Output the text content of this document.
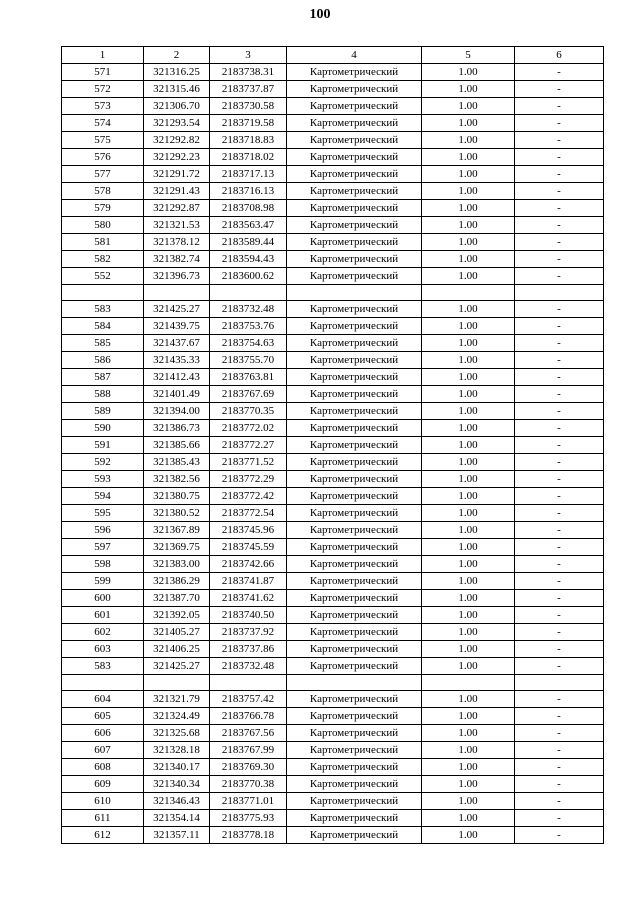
100
1	2	3	4	5	6
571	321316.25	2183738.31	Картометрический	1.00	-
572	321315.46	2183737.87	Картометрический	1.00	-
573	321306.70	2183730.58	Картометрический	1.00	-
574	321293.54	2183719.58	Картометрический	1.00	-
575	321292.82	2183718.83	Картометрический	1.00	-
576	321292.23	2183718.02	Картометрический	1.00	-
577	321291.72	2183717.13	Картометрический	1.00	-
578	321291.43	2183716.13	Картометрический	1.00	-
579	321292.87	2183708.98	Картометрический	1.00	-
580	321321.53	2183563.47	Картометрический	1.00	-
581	321378.12	2183589.44	Картометрический	1.00	-
582	321382.74	2183594.43	Картометрический	1.00	-
552	321396.73	2183600.62	Картометрический	1.00	-

583	321425.27	2183732.48	Картометрический	1.00	-
584	321439.75	2183753.76	Картометрический	1.00	-
585	321437.67	2183754.63	Картометрический	1.00	-
586	321435.33	2183755.70	Картометрический	1.00	-
587	321412.43	2183763.81	Картометрический	1.00	-
588	321401.49	2183767.69	Картометрический	1.00	-
589	321394.00	2183770.35	Картометрический	1.00	-
590	321386.73	2183772.02	Картометрический	1.00	-
591	321385.66	2183772.27	Картометрический	1.00	-
592	321385.43	2183771.52	Картометрический	1.00	-
593	321382.56	2183772.29	Картометрический	1.00	-
594	321380.75	2183772.42	Картометрический	1.00	-
595	321380.52	2183772.54	Картометрический	1.00	-
596	321367.89	2183745.96	Картометрический	1.00	-
597	321369.75	2183745.59	Картометрический	1.00	-
598	321383.00	2183742.66	Картометрический	1.00	-
599	321386.29	2183741.87	Картометрический	1.00	-
600	321387.70	2183741.62	Картометрический	1.00	-
601	321392.05	2183740.50	Картометрический	1.00	-
602	321405.27	2183737.92	Картометрический	1.00	-
603	321406.25	2183737.86	Картометрический	1.00	-
583	321425.27	2183732.48	Картометрический	1.00	-

604	321321.79	2183757.42	Картометрический	1.00	-
605	321324.49	2183766.78	Картометрический	1.00	-
606	321325.68	2183767.56	Картометрический	1.00	-
607	321328.18	2183767.99	Картометрический	1.00	-
608	321340.17	2183769.30	Картометрический	1.00	-
609	321340.34	2183770.38	Картометрический	1.00	-
610	321346.43	2183771.01	Картометрический	1.00	-
611	321354.14	2183775.93	Картометрический	1.00	-
612	321357.11	2183778.18	Картометрический	1.00	-
